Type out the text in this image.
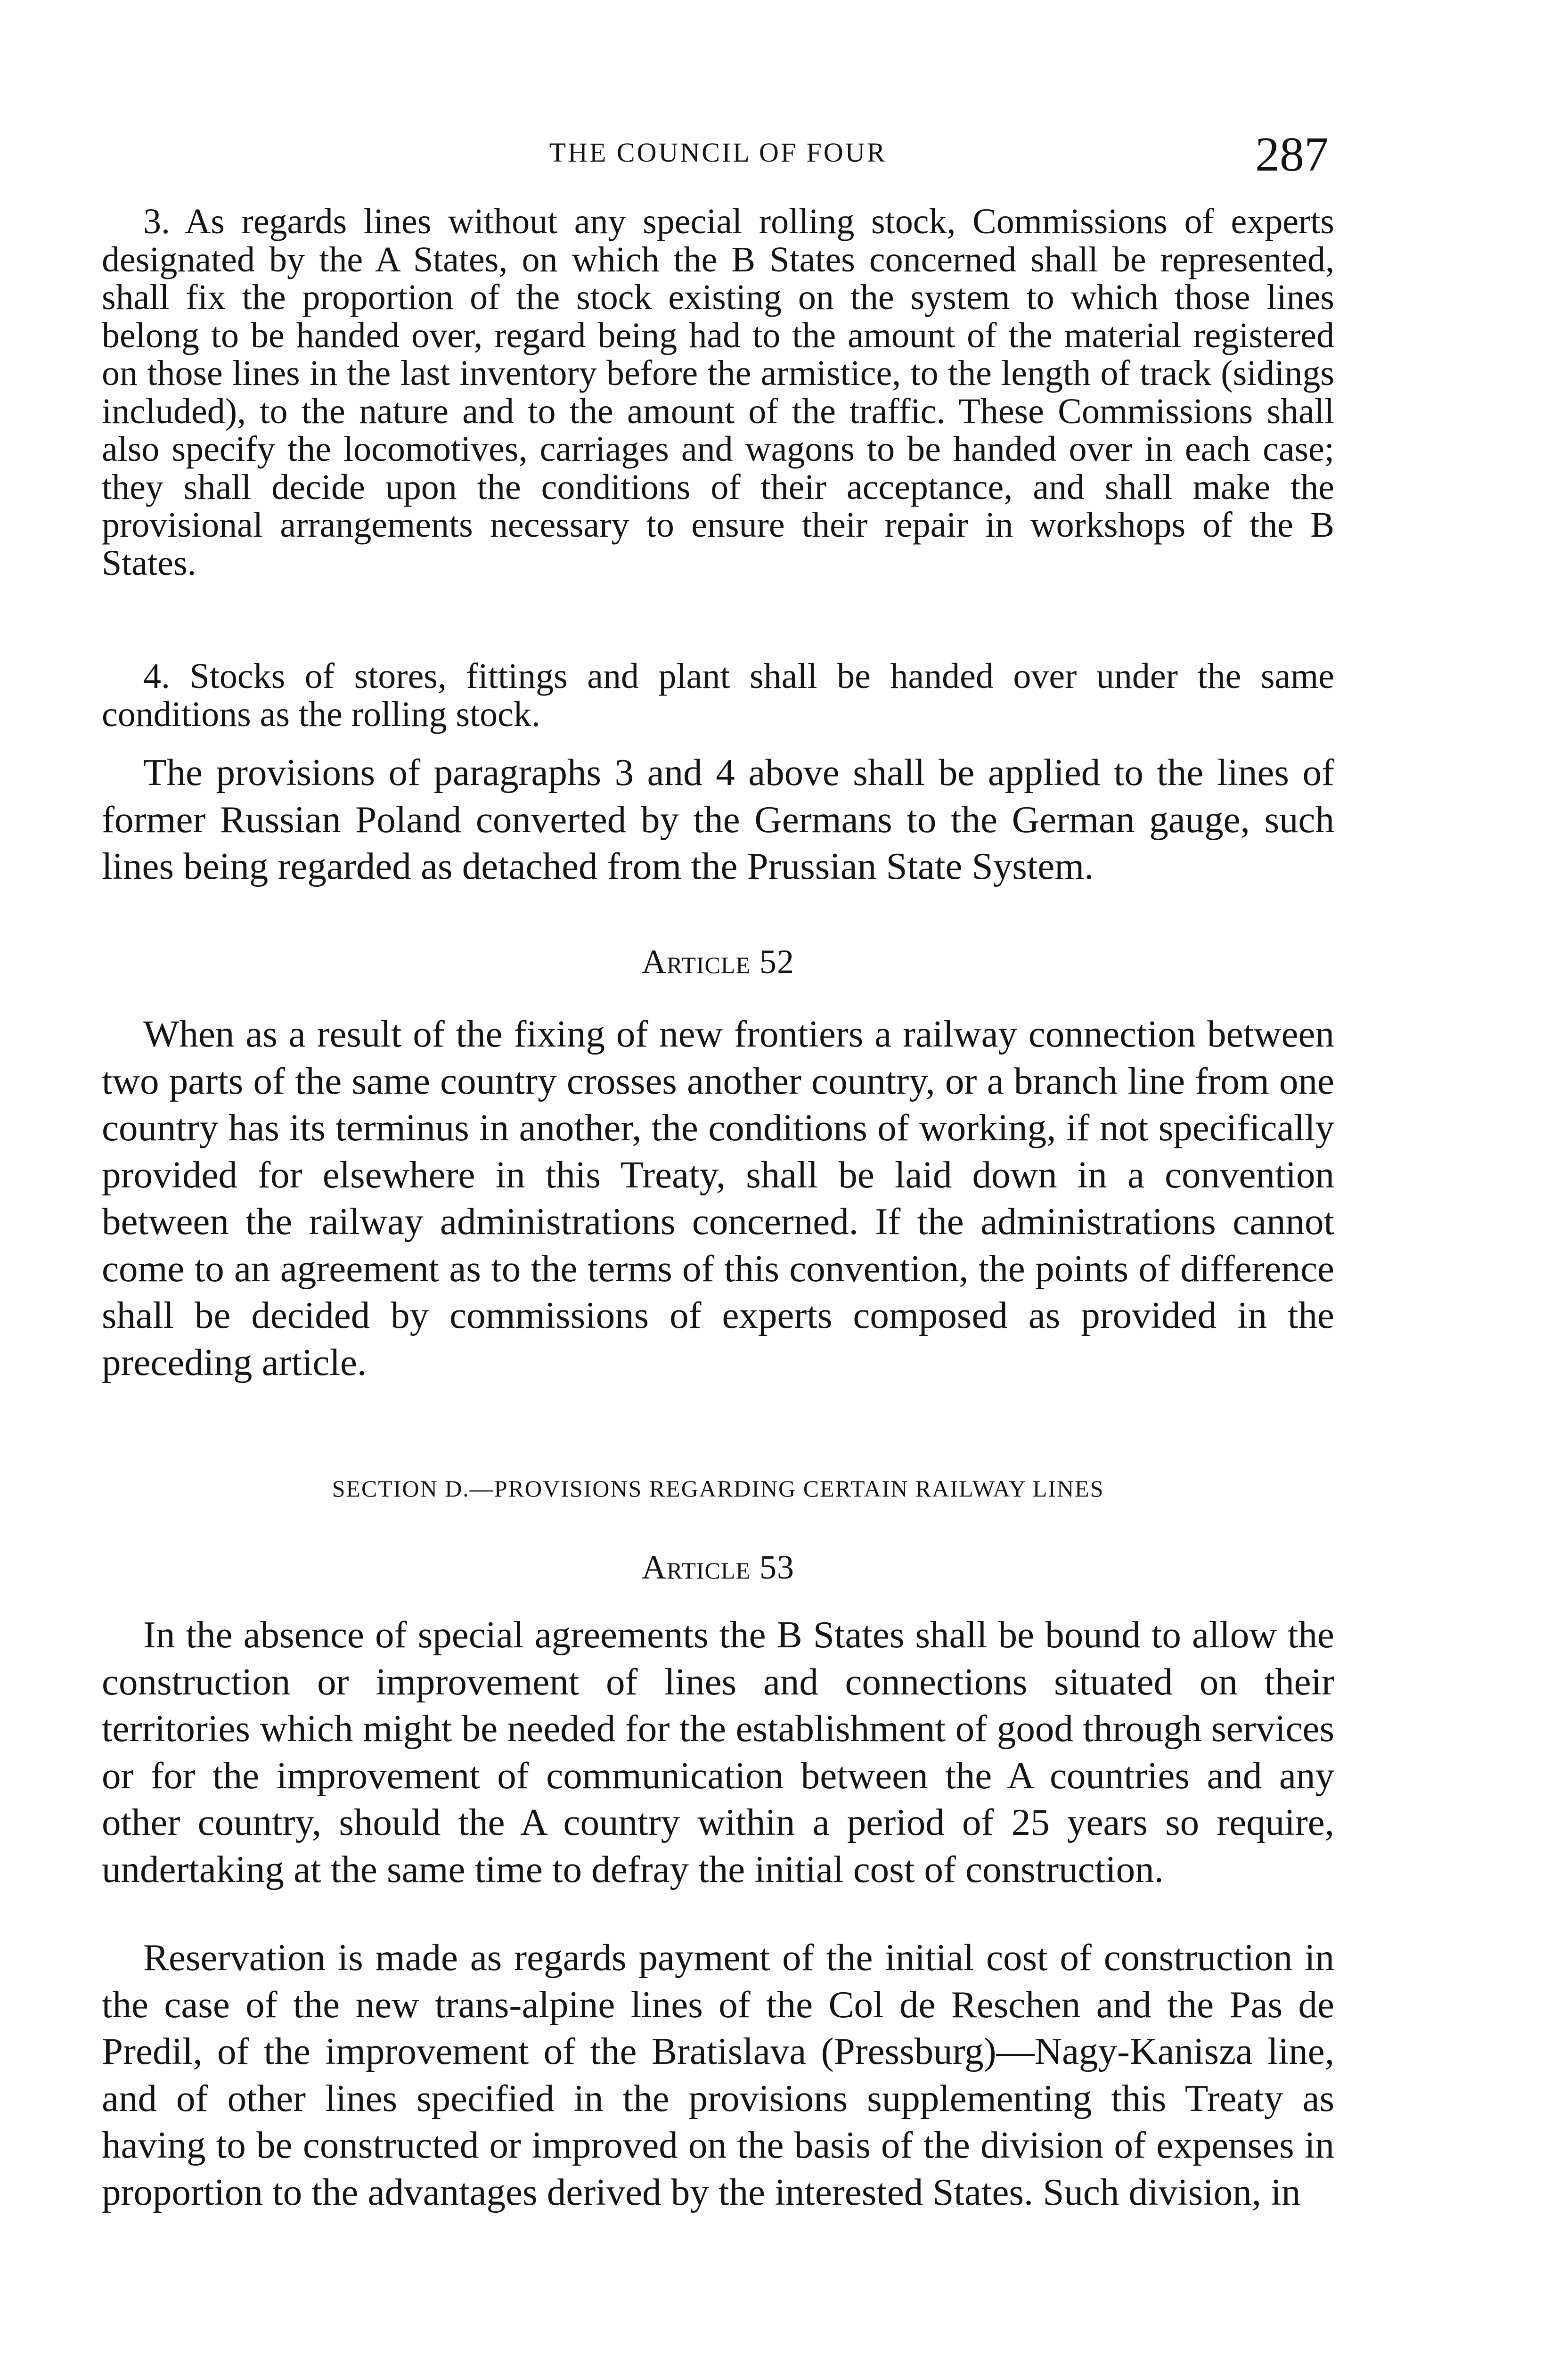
THE COUNCIL OF FOUR	287

3. As regards lines without any special rolling stock, Commissions of experts designated by the A States, on which the B States concerned shall be represented, shall fix the proportion of the stock existing on the system to which those lines belong to be handed over, regard being had to the amount of the material registered on those lines in the last inventory before the armistice, to the length of track (sidings included), to the nature and to the amount of the traffic. These Commissions shall also specify the locomotives, carriages and wagons to be handed over in each case; they shall decide upon the conditions of their acceptance, and shall make the provisional arrangements necessary to ensure their repair in workshops of the B States.

4. Stocks of stores, fittings and plant shall be handed over under the same conditions as the rolling stock.

The provisions of paragraphs 3 and 4 above shall be applied to the lines of former Russian Poland converted by the Germans to the German gauge, such lines being regarded as detached from the Prussian State System.

Article 52

When as a result of the fixing of new frontiers a railway connection between two parts of the same country crosses another country, or a branch line from one country has its terminus in another, the conditions of working, if not specifically provided for elsewhere in this Treaty, shall be laid down in a convention between the railway administrations concerned. If the administrations cannot come to an agreement as to the terms of this convention, the points of difference shall be decided by commissions of experts composed as provided in the preceding article.

SECTION D.—PROVISIONS REGARDING CERTAIN RAILWAY LINES

Article 53

In the absence of special agreements the B States shall be bound to allow the construction or improvement of lines and connections situated on their territories which might be needed for the establishment of good through services or for the improvement of communication between the A countries and any other country, should the A country within a period of 25 years so require, undertaking at the same time to defray the initial cost of construction.

Reservation is made as regards payment of the initial cost of construction in the case of the new trans-alpine lines of the Col de Reschen and the Pas de Predil, of the improvement of the Bratislava (Pressburg)—Nagy-Kanisza line, and of other lines specified in the provisions supplementing this Treaty as having to be constructed or improved on the basis of the division of expenses in proportion to the advantages derived by the interested States. Such division, in
